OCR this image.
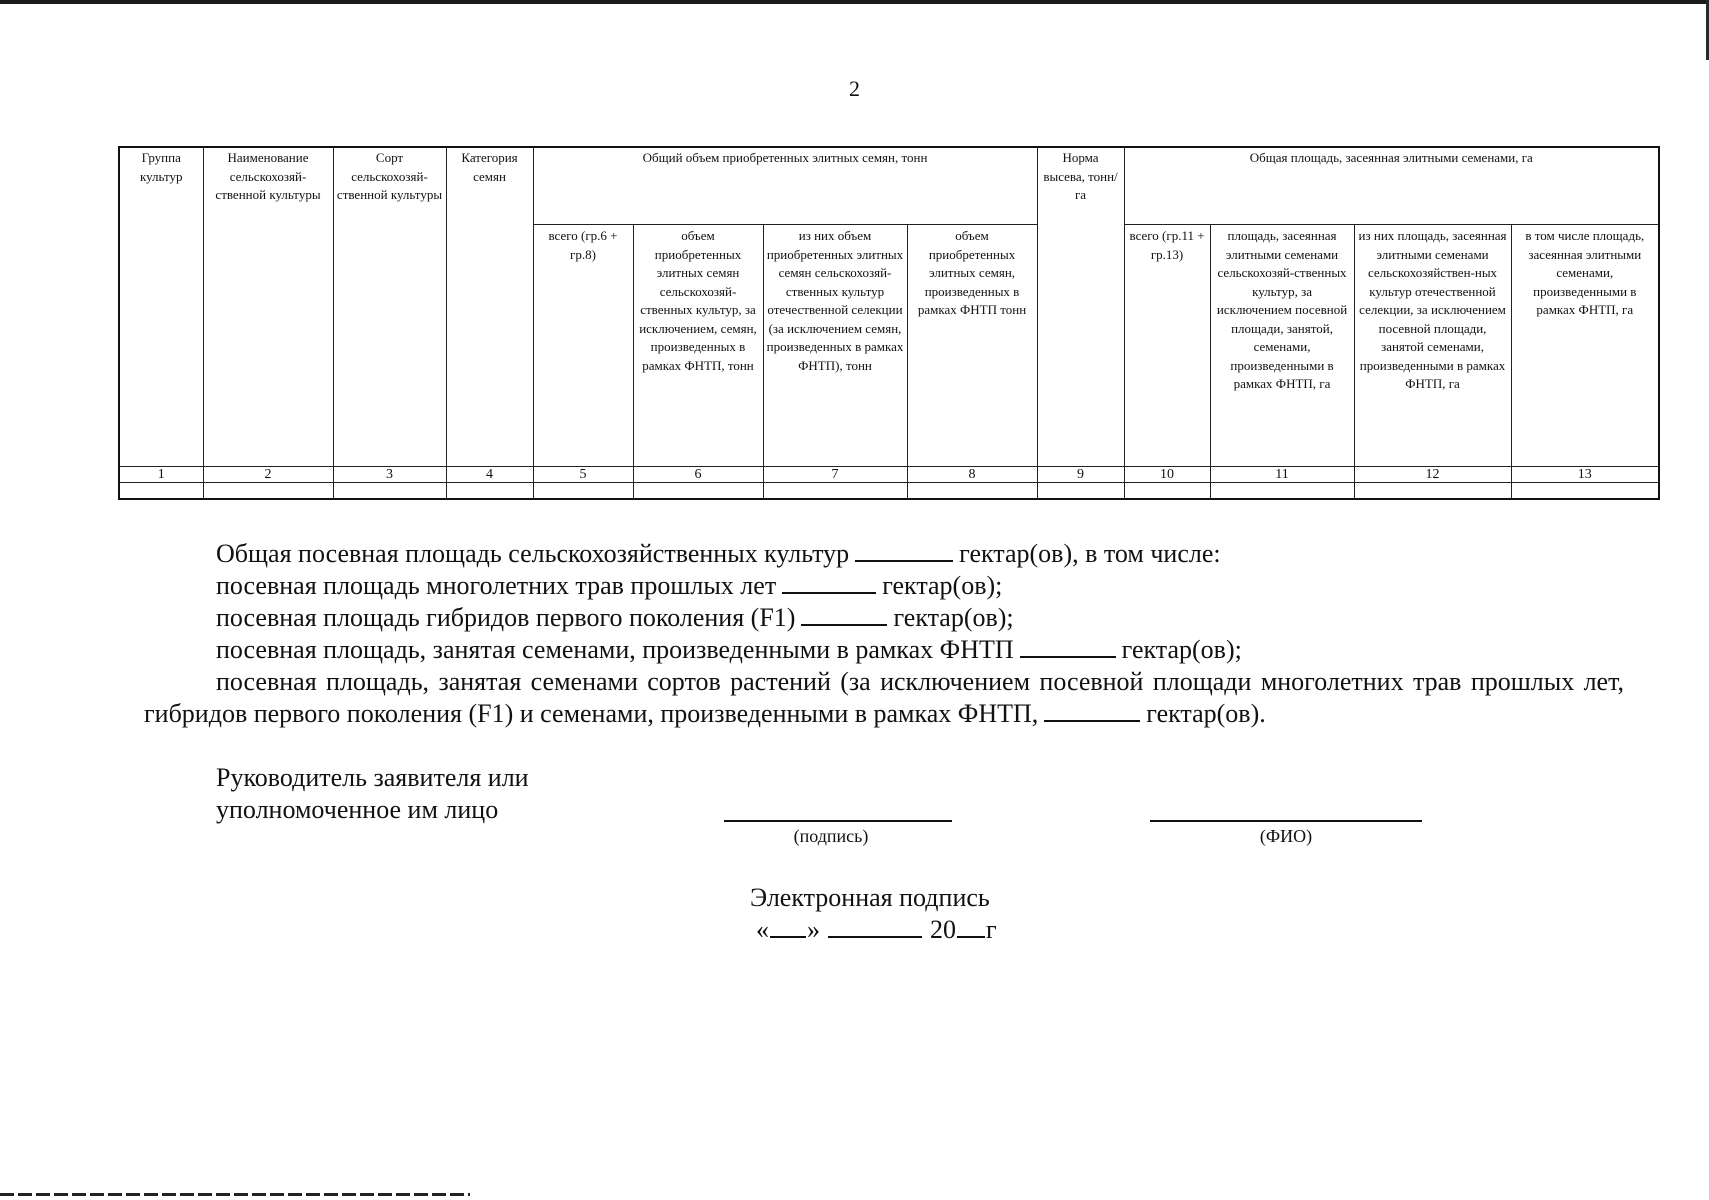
2
Группа культур	Наименование сельскохозяй-ственной культуры	Сорт сельскохозяй-ственной культуры	Категория семян	Общий объем приобретенных элитных семян, тонн				Норма высева, тонн/га	Общая площадь, засеянная элитными семенами, га			
				всего (гр.6 + гр.8)	объем приобретенных элитных семян сельскохозяй-ственных культур, за исключением, семян, произведенных в рамках ФНТП, тонн	из них объем приобретенных элитных семян сельскохозяй-ственных культур отечественной селекции (за исключением семян, произведенных в рамках ФНТП), тонн	объем приобретенных элитных семян, произведенных в рамках ФНТП тонн		всего (гр.11 + гр.13)	площадь, засеянная элитными семенами сельскохозяй-ственных культур, за исключением посевной площади, занятой, семенами, произведенными в рамках ФНТП, га	из них площадь, засеянная элитными семенами сельскохозяйствен-ных культур отечественной селекции, за исключением посевной площади, занятой семенами, произведенными в рамках ФНТП, га	в том числе площадь, засеянная элитными семенами, произведенными в рамках ФНТП, га
1	2	3	4	5	6	7	8	9	10	11	12	13

Общая посевная площадь сельскохозяйственных культур	гектар(ов), в том числе:
посевная площадь многолетних трав прошлых лет	гектар(ов);
посевная площадь гибридов первого поколения (F1)	гектар(ов);
посевная площадь, занятая семенами, произведенными в рамках ФНТП	гектар(ов);
посевная площадь, занятая семенами сортов растений (за исключением посевной площади многолетних трав прошлых лет, гибридов первого поколения (F1) и семенами, произведенными в рамках ФНТП,	гектар(ов).
Руководитель заявителя или
уполномоченное им лицо
(подпись)	(ФИО)
Электронная подпись
« »	20 г
